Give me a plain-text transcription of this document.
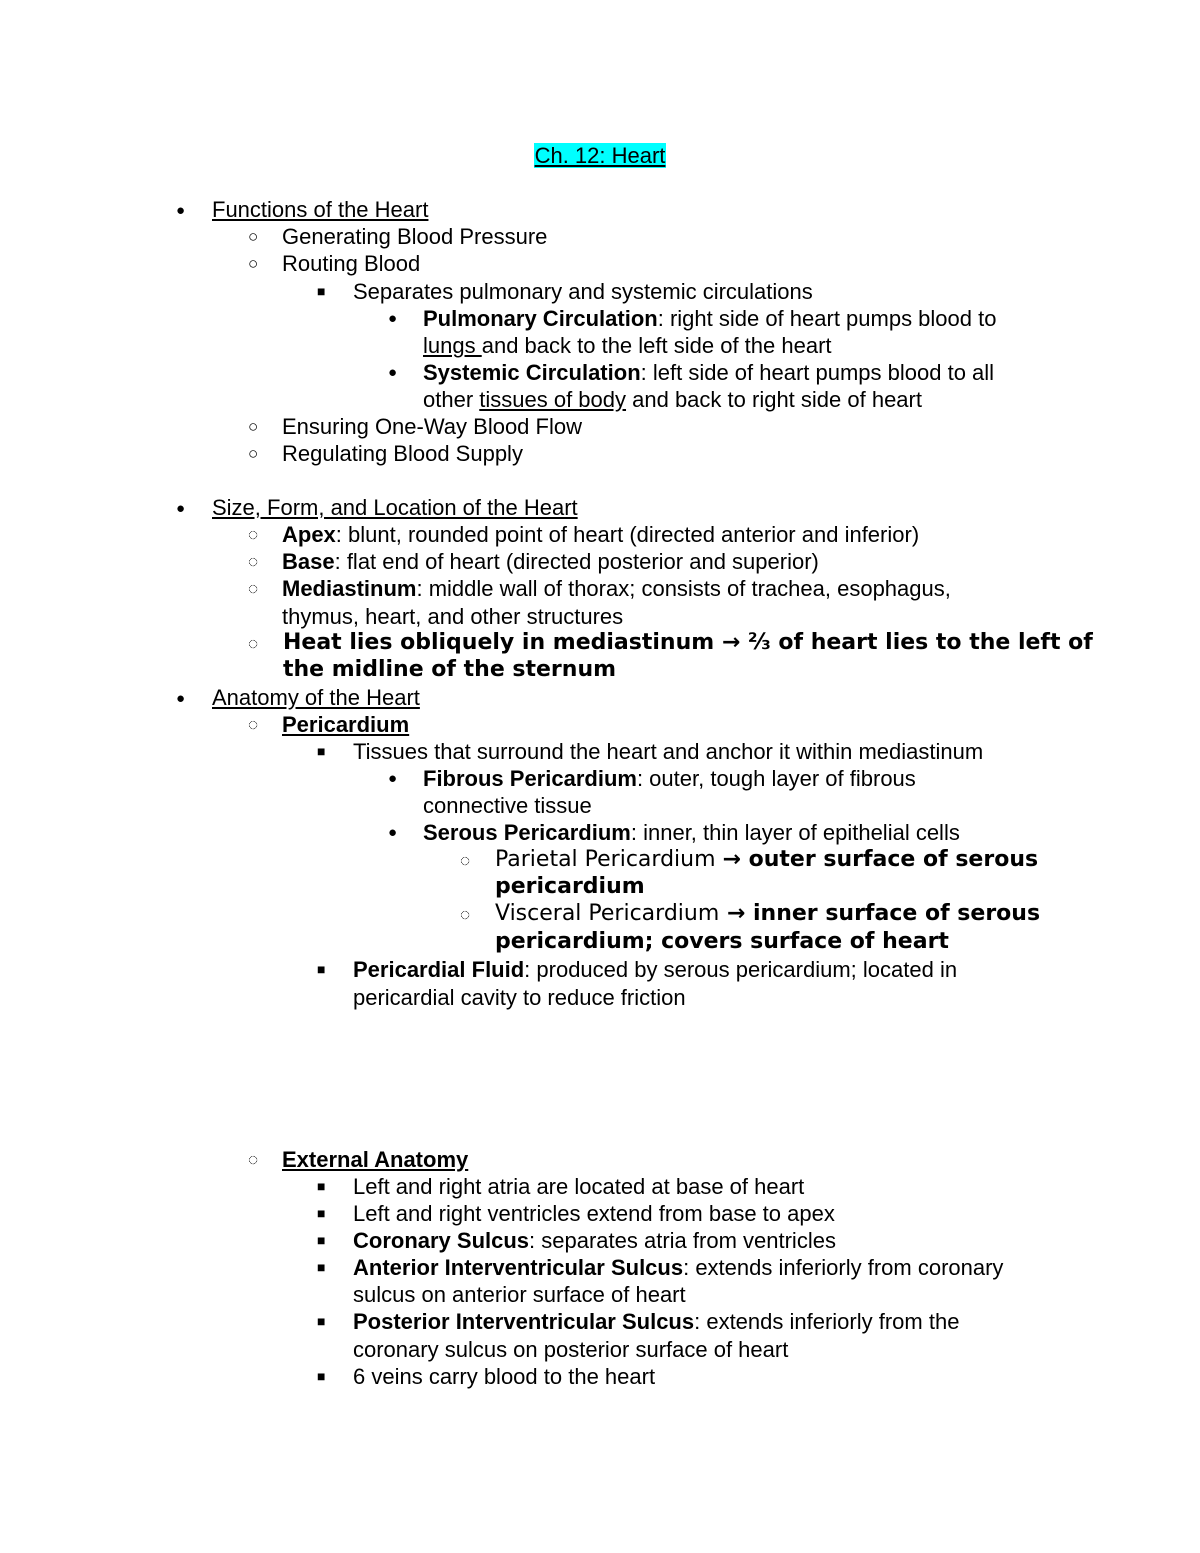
Ch. 12: Heart
●
Functions of the Heart
○
Generating Blood Pressure
○
Routing Blood
■
Separates pulmonary and systemic circulations
●
Pulmonary Circulation: right side of heart pumps blood to
lungs and back to the left side of the heart
●
Systemic Circulation: left side of heart pumps blood to all
other tissues of body and back to right side of heart
○
Ensuring One-Way Blood Flow
○
Regulating Blood Supply
●
Size, Form, and Location of the Heart
◌
Apex: blunt, rounded point of heart (directed anterior and inferior)
◌
Base: flat end of heart (directed posterior and superior)
◌
Mediastinum: middle wall of thorax; consists of trachea, esophagus,
thymus, heart, and other structures
◌
Heat lies obliquely in mediastinum → ⅔ of heart lies to the left of
the midline of the sternum
●
Anatomy of the Heart
◌
Pericardium
■
Tissues that surround the heart and anchor it within mediastinum
●
Fibrous Pericardium: outer, tough layer of fibrous
connective tissue
●
Serous Pericardium: inner, thin layer of epithelial cells
◌
Parietal Pericardium → outer surface of serous
pericardium
◌
Visceral Pericardium → inner surface of serous
pericardium; covers surface of heart
■
Pericardial Fluid: produced by serous pericardium; located in
pericardial cavity to reduce friction
◌
External Anatomy
■
Left and right atria are located at base of heart
■
Left and right ventricles extend from base to apex
■
Coronary Sulcus: separates atria from ventricles
■
Anterior Interventricular Sulcus: extends inferiorly from coronary
sulcus on anterior surface of heart
■
Posterior Interventricular Sulcus: extends inferiorly from the
coronary sulcus on posterior surface of heart
■
6 veins carry blood to the heart
